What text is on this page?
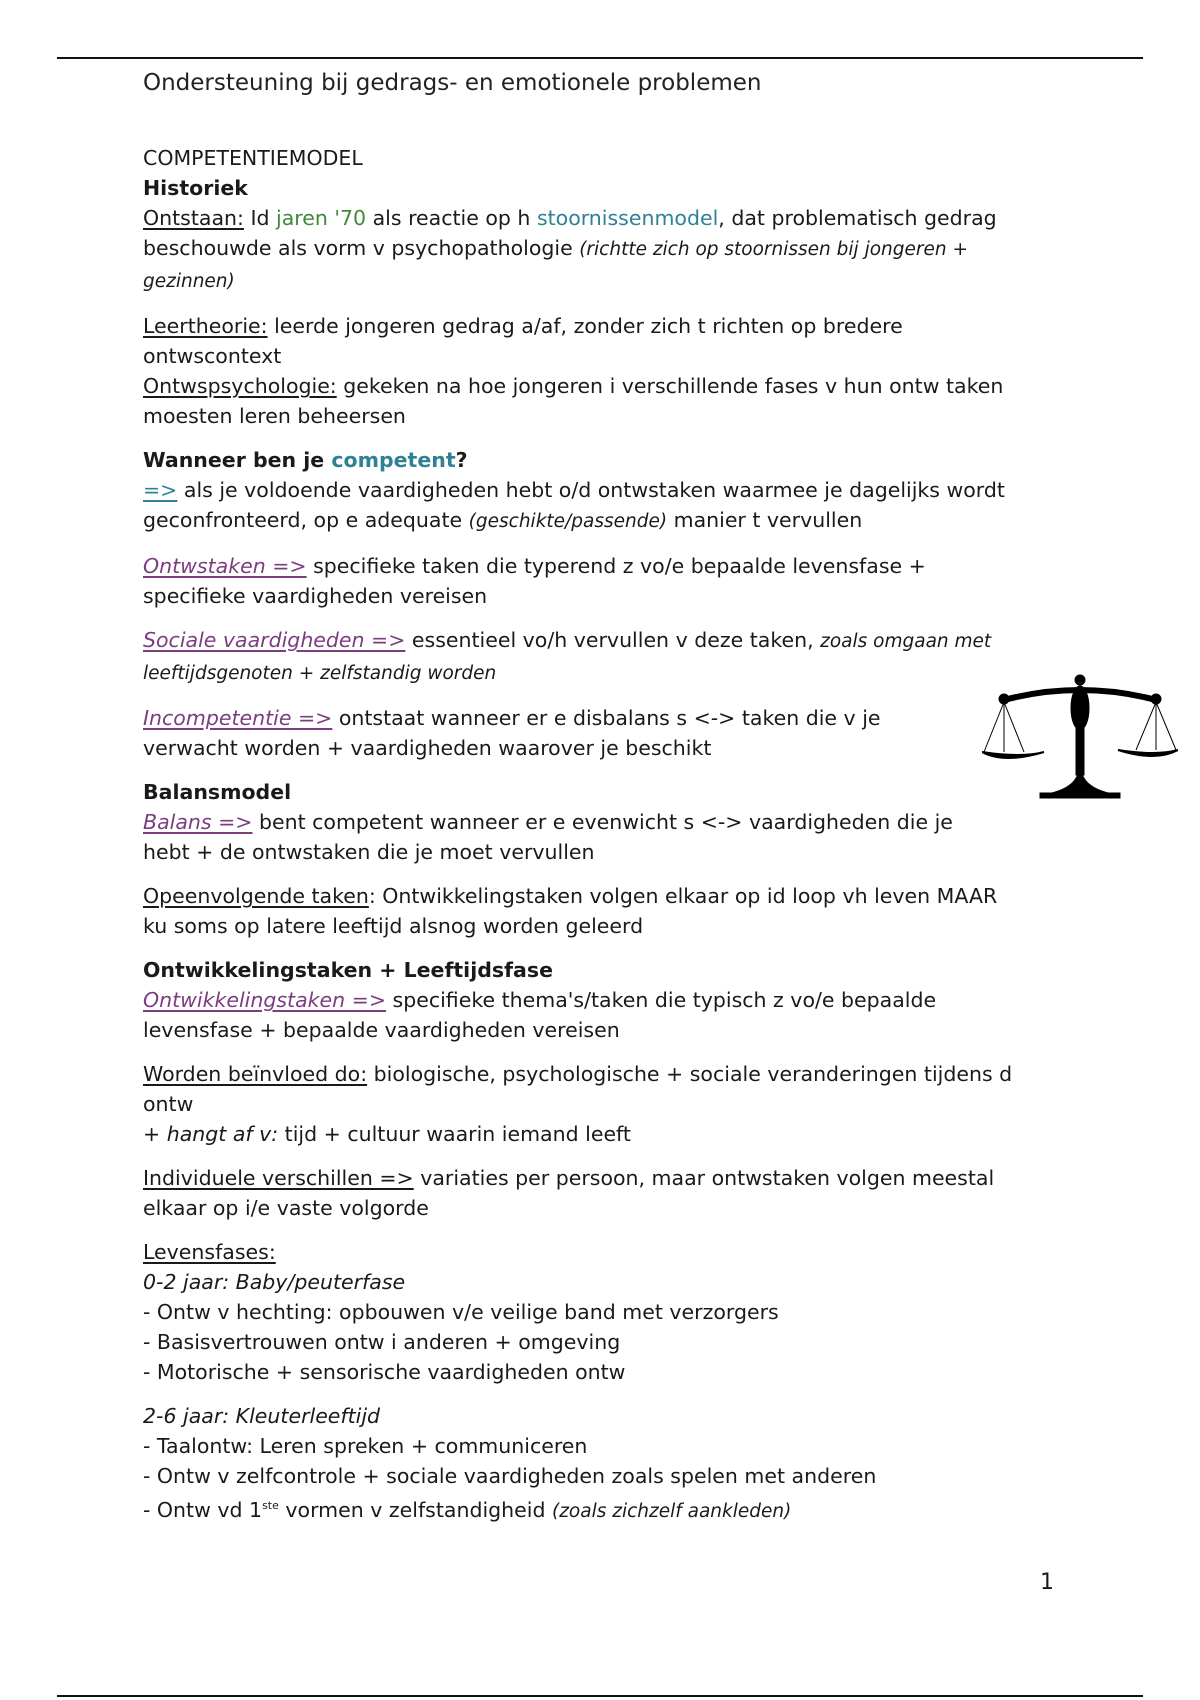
Ondersteuning bij gedrags- en emotionele problemen

COMPETENTIEMODEL

Historiek

Ontstaan: Id jaren '70 als reactie op h stoornissenmodel, dat problematisch gedrag beschouwde als vorm v psychopathologie (richtte zich op stoornissen bij jongeren + gezinnen)

Leertheorie: leerde jongeren gedrag a/af, zonder zich t richten op bredere ontwscontext

Ontwspsychologie: gekeken na hoe jongeren i verschillende fases v hun ontw taken moesten leren beheersen

Wanneer ben je competent?

=> als je voldoende vaardigheden hebt o/d ontwstaken waarmee je dagelijks wordt geconfronteerd, op e adequate (geschikte/passende) manier t vervullen

Ontwstaken => specifieke taken die typerend z vo/e bepaalde levensfase + specifieke vaardigheden vereisen

Sociale vaardigheden => essentieel vo/h vervullen v deze taken, zoals omgaan met leeftijdsgenoten + zelfstandig worden

Incompetentie => ontstaat wanneer er e disbalans s <-> taken die v je verwacht worden + vaardigheden waarover je beschikt

Balansmodel

Balans => bent competent wanneer er e evenwicht s <-> vaardigheden die je hebt + de ontwstaken die je moet vervullen

Opeenvolgende taken: Ontwikkelingstaken volgen elkaar op id loop vh leven MAAR ku soms op latere leeftijd alsnog worden geleerd

Ontwikkelingstaken + Leeftijdsfase

Ontwikkelingstaken => specifieke thema's/taken die typisch z vo/e bepaalde levensfase + bepaalde vaardigheden vereisen

Worden beïnvloed do: biologische, psychologische + sociale veranderingen tijdens d ontw

+ hangt af v: tijd + cultuur waarin iemand leeft

Individuele verschillen => variaties per persoon, maar ontwstaken volgen meestal elkaar op i/e vaste volgorde

Levensfases:

0-2 jaar: Baby/peuterfase

- Ontw v hechting: opbouwen v/e veilige band met verzorgers

- Basisvertrouwen ontw i anderen + omgeving

- Motorische + sensorische vaardigheden ontw

2-6 jaar: Kleuterleeftijd

- Taalontw: Leren spreken + communiceren

- Ontw v zelfcontrole + sociale vaardigheden zoals spelen met anderen

- Ontw vd 1ste vormen v zelfstandigheid (zoals zichzelf aankleden)

1
